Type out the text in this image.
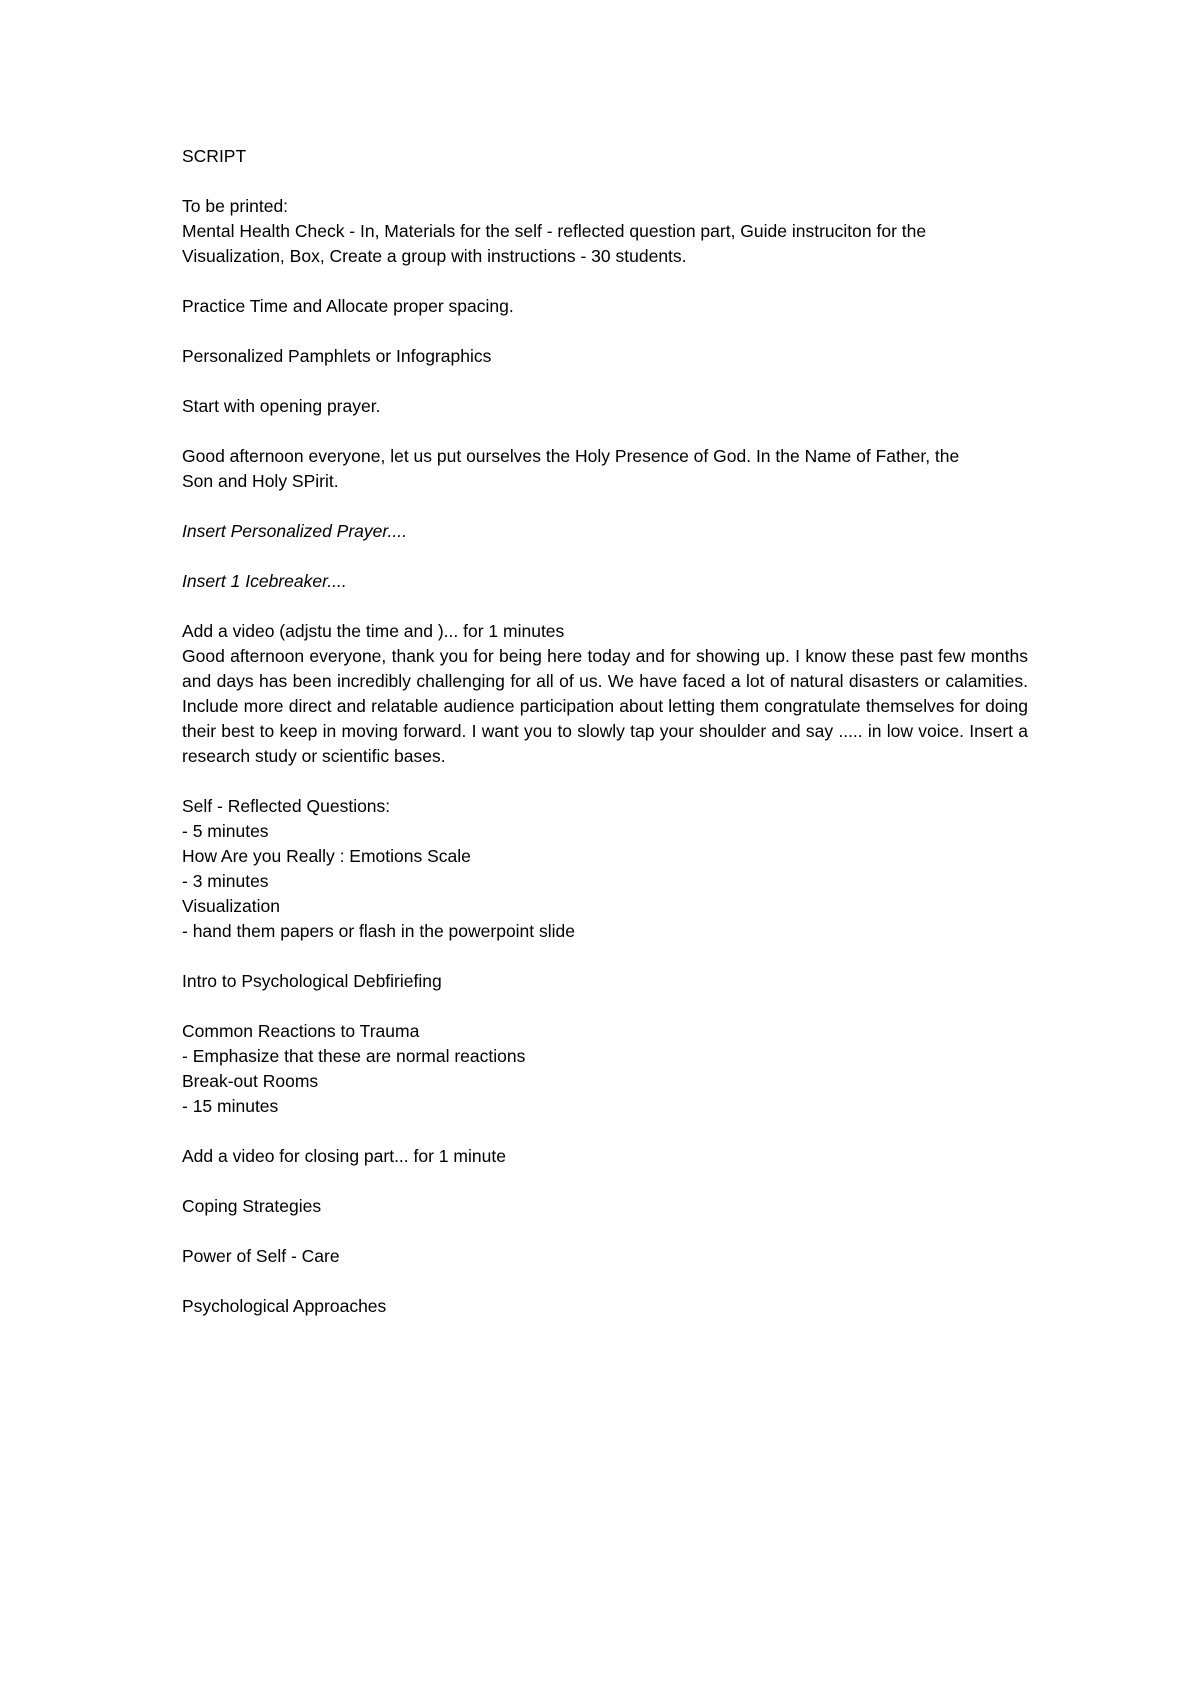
SCRIPT
To be printed:
Mental Health Check - In, Materials for the self - reflected question part, Guide instruciton for the
Visualization, Box, Create a group with instructions - 30 students.
Practice Time and Allocate proper spacing.
Personalized Pamphlets or Infographics
Start with opening prayer.
Good afternoon everyone, let us put ourselves the Holy Presence of God. In the Name of Father, the
Son and Holy SPirit.
Insert Personalized Prayer....
Insert 1 Icebreaker....
Add a video (adjstu the time and )... for 1 minutes
Good afternoon everyone, thank you for being here today and for showing up. I know these past few months and days has been incredibly challenging for all of us. We have faced a lot of natural disasters or calamities. Include more direct and relatable audience participation about letting them congratulate themselves for doing their best to keep in moving forward. I want you to slowly tap your shoulder and say ..... in low voice. Insert a research study or scientific bases.
Self - Reflected Questions:
- 5 minutes
How Are you Really : Emotions Scale
- 3 minutes
Visualization
- hand them papers or flash in the powerpoint slide
Intro to Psychological Debfiriefing
Common Reactions to Trauma
- Emphasize that these are normal reactions
Break-out Rooms
- 15 minutes
Add a video for closing part... for 1 minute
Coping Strategies
Power of Self - Care
Psychological Approaches
